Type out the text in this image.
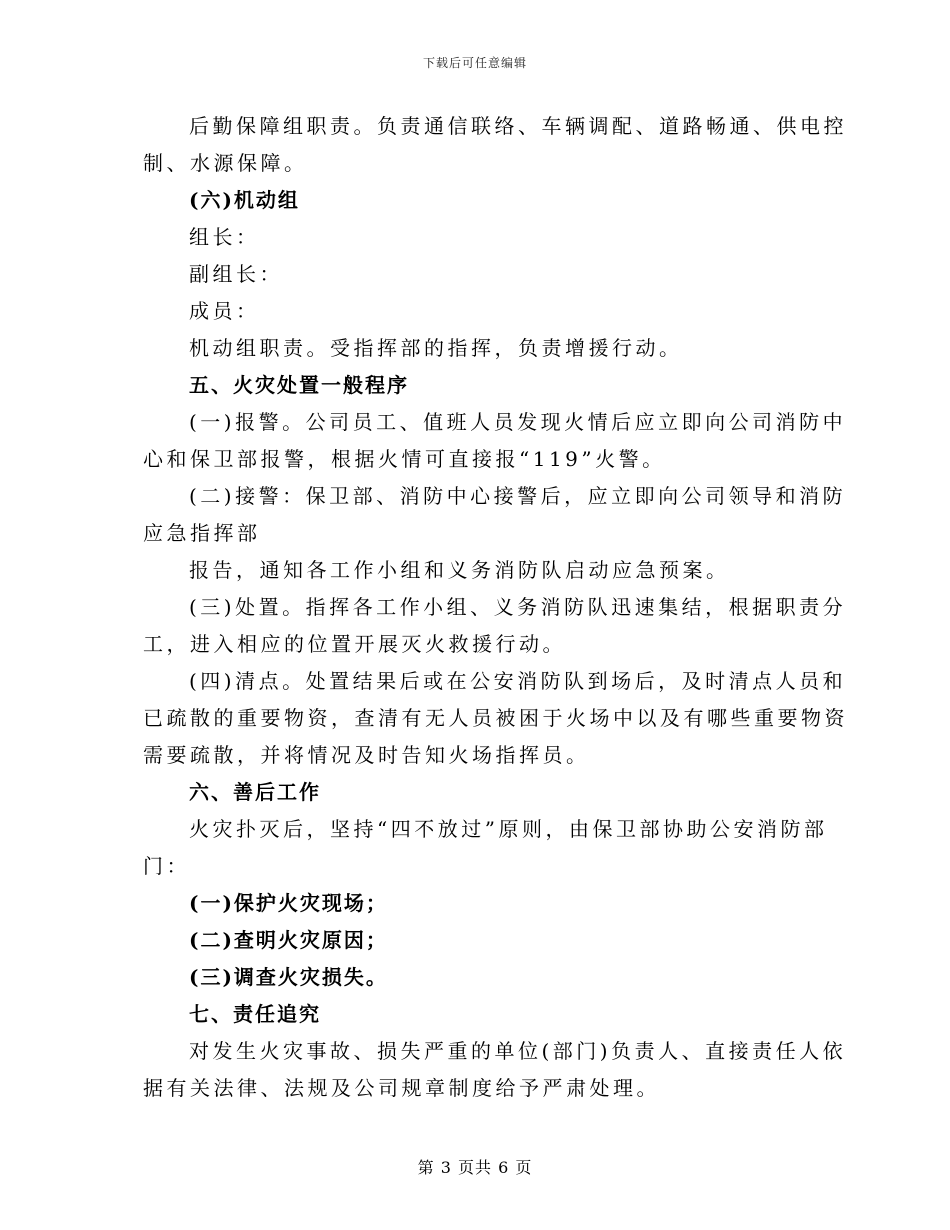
下载后可任意编辑
后勤保障组职责。负责通信联络、车辆调配、道路畅通、供电控
制、水源保障。
(六)机动组
组长：
副组长：
成员：
机动组职责。受指挥部的指挥，负责增援行动。
五、火灾处置一般程序
(一)报警。公司员工、值班人员发现火情后应立即向公司消防中
心和保卫部报警，根据火情可直接报“119”火警。
(二)接警：保卫部、消防中心接警后，应立即向公司领导和消防
应急指挥部
报告，通知各工作小组和义务消防队启动应急预案。
(三)处置。指挥各工作小组、义务消防队迅速集结，根据职责分
工，进入相应的位置开展灭火救援行动。
(四)清点。处置结果后或在公安消防队到场后，及时清点人员和
已疏散的重要物资，查清有无人员被困于火场中以及有哪些重要物资
需要疏散，并将情况及时告知火场指挥员。
六、善后工作
火灾扑灭后，坚持“四不放过”原则，由保卫部协助公安消防部
门：
(一)保护火灾现场；
(二)查明火灾原因；
(三)调查火灾损失。
七、责任追究
对发生火灾事故、损失严重的单位(部门)负责人、直接责任人依
据有关法律、法规及公司规章制度给予严肃处理。
第 3 页共 6 页
